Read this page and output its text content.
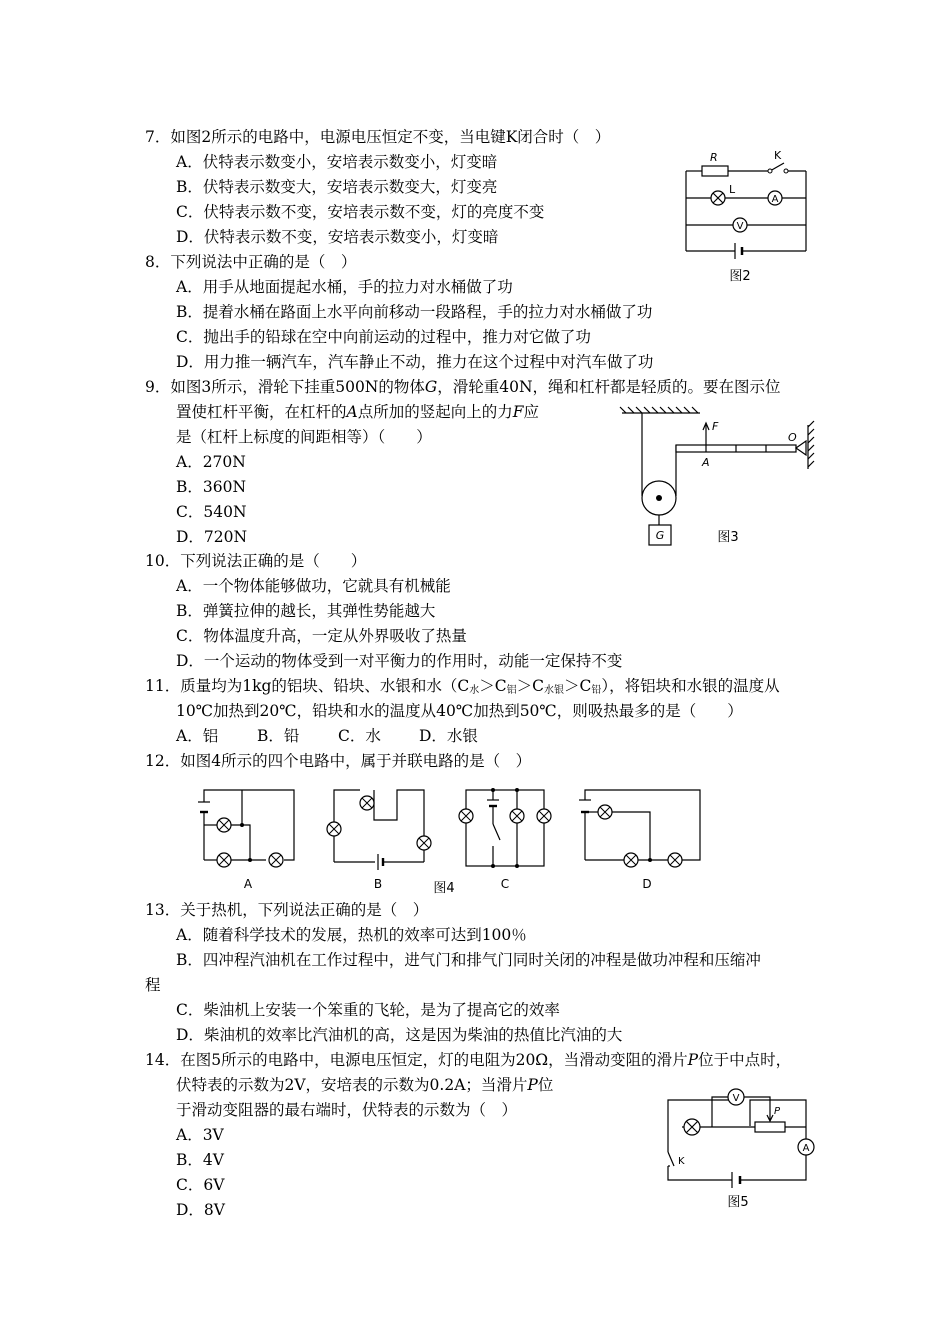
7．如图2所示的电路中，电源电压恒定不变，当电键K闭合时（　）
A．伏特表示数变小，安培表示数变小，灯变暗
B．伏特表示数变大，安培表示数变大，灯变亮
C．伏特表示数不变，安培表示数不变，灯的亮度不变
D．伏特表示数不变，安培表示数变小，灯变暗
R	K
L
A
V
图2
8．下列说法中正确的是（　）
A．用手从地面提起水桶，手的拉力对水桶做了功
B．提着水桶在路面上水平向前移动一段路程，手的拉力对水桶做了功
C．抛出手的铅球在空中向前运动的过程中，推力对它做了功
D．用力推一辆汽车，汽车静止不动，推力在这个过程中对汽车做了功
9．如图3所示，滑轮下挂重500N的物体G，滑轮重40N，绳和杠杆都是轻质的。要在图示位
置使杠杆平衡，在杠杆的A点所加的竖起向上的力F应
是（杠杆上标度的间距相等）（　　）
A．270N
B．360N
C．540N
D．720N
F
O
A
G	图3
10．下列说法正确的是（　　）
A．一个物体能够做功，它就具有机械能
B．弹簧拉伸的越长，其弹性势能越大
C．物体温度升高，一定从外界吸收了热量
D．一个运动的物体受到一对平衡力的作用时，动能一定保持不变
11．质量均为1kg的铝块、铅块、水银和水$(C_水>C_铝>C_{水银}>C_铅)$，将铝块和水银的温度从
10℃加热到20℃，铅块和水的温度从40℃加热到50℃，则吸热最多的是（　　）
A．铝	B．铅 C．水 D．水银
12．如图4所示的四个电路中，属于并联电路的是（　）
A	B	C	D
图4
13．关于热机，下列说法正确的是（　）
A．随着科学技术的发展，热机的效率可达到100％
B．四冲程汽油机在工作过程中，进气门和排气门同时关闭的冲程是做功冲程和压缩冲
程
C．柴油机上安装一个笨重的飞轮，是为了提高它的效率
D．柴油机的效率比汽油机的高，这是因为柴油的热值比汽油的大
14．在图5所示的电路中，电源电压恒定，灯的电阻为20Ω，当滑动变阻的滑片P位于中点时，
伏特表的示数为2V，安培表的示数为0.2A；当滑片P位
于滑动变阻器的最右端时，伏特表的示数为（　）
A．3V
B．4V
C．6V
D．8V
V
P
A
K
图5
